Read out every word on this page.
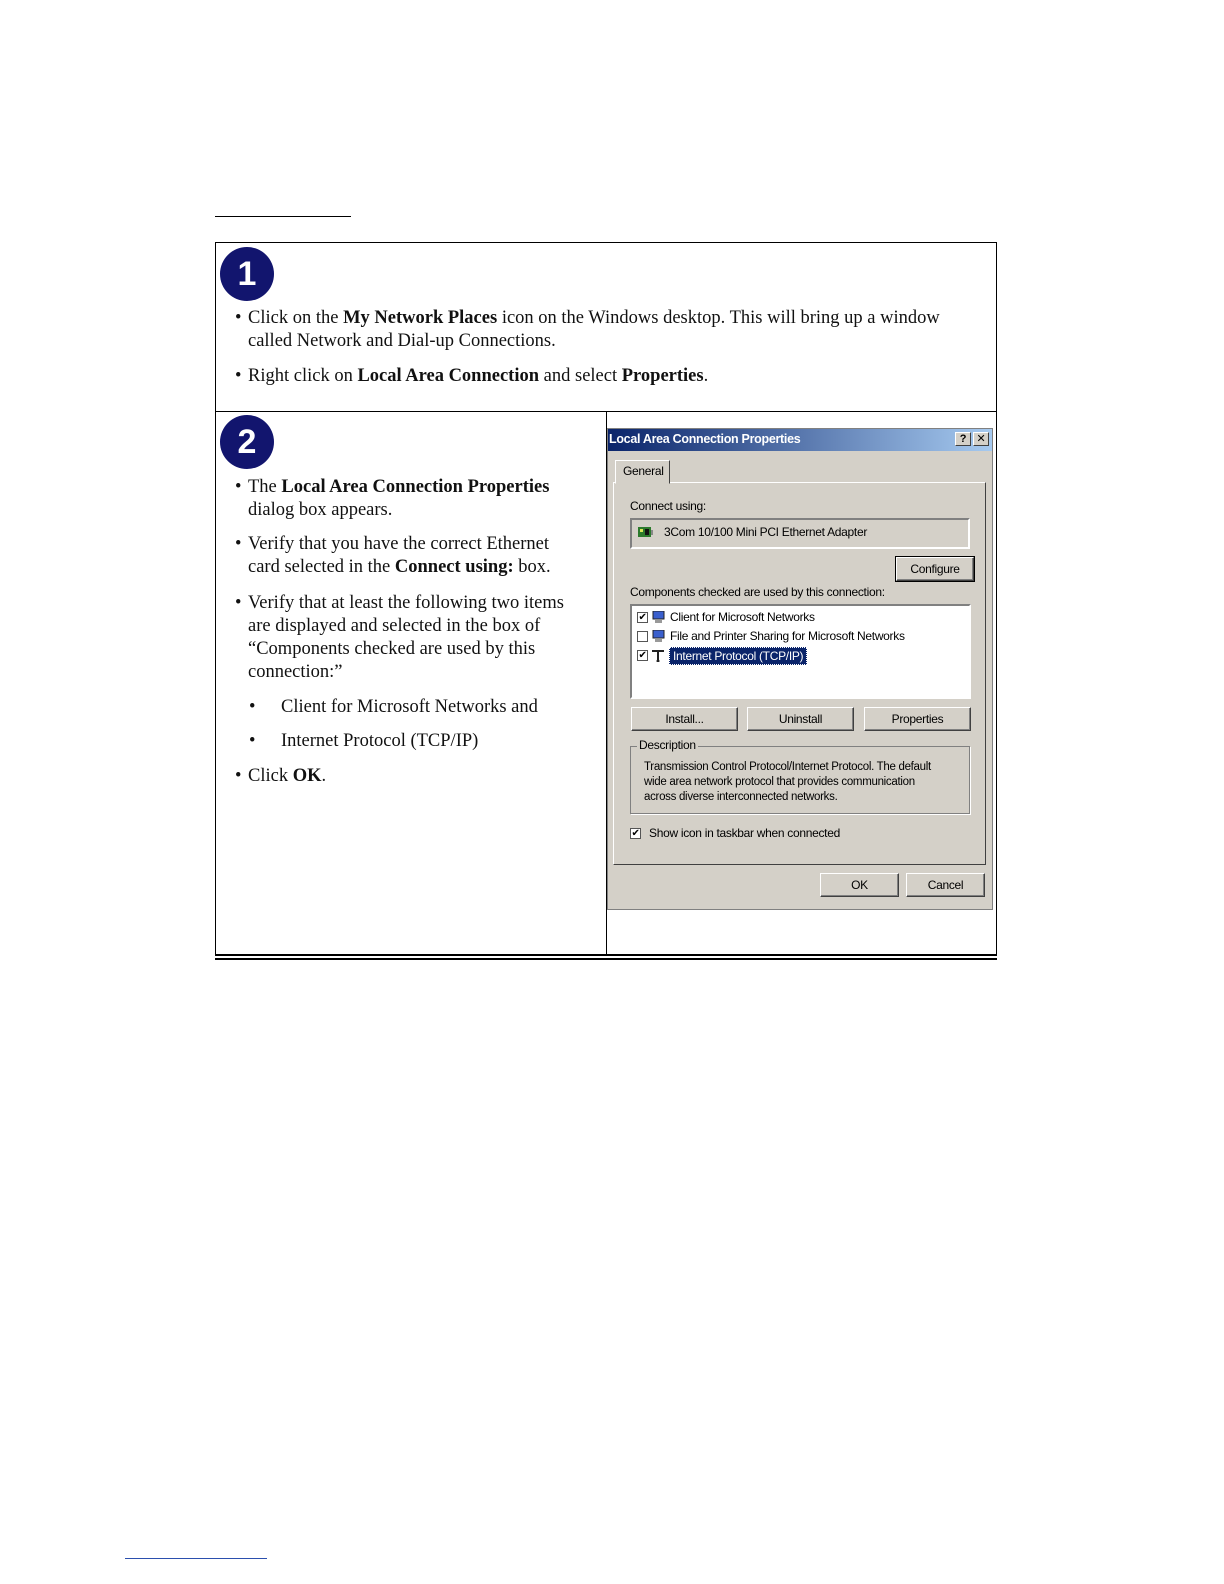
1
• Click on the My Network Places icon on the Windows desktop. This will bring up a window
called Network and Dial-up Connections.
• Right click on Local Area Connection and select Properties.
2
• The Local Area Connection Properties
dialog box appears.
• Verify that you have the correct Ethernet
card selected in the Connect using: box.
• Verify that at least the following two items
are displayed and selected in the box of
“Components checked are used by this
connection:”
• Client for Microsoft Networks and
• Internet Protocol (TCP/IP)
• Click OK.
Local Area Connection Properties	? ✕
General
Connect using:
3Com 10/100 Mini PCI Ethernet Adapter
Configure
Components checked are used by this connection:
✔ Client for Microsoft Networks
File and Printer Sharing for Microsoft Networks
✔	Internet Protocol (TCP/IP)
Install...	Uninstall	Properties
Description
Transmission Control Protocol/Internet Protocol. The default
wide area network protocol that provides communication
across diverse interconnected networks.
✔ Show icon in taskbar when connected
OK	Cancel
